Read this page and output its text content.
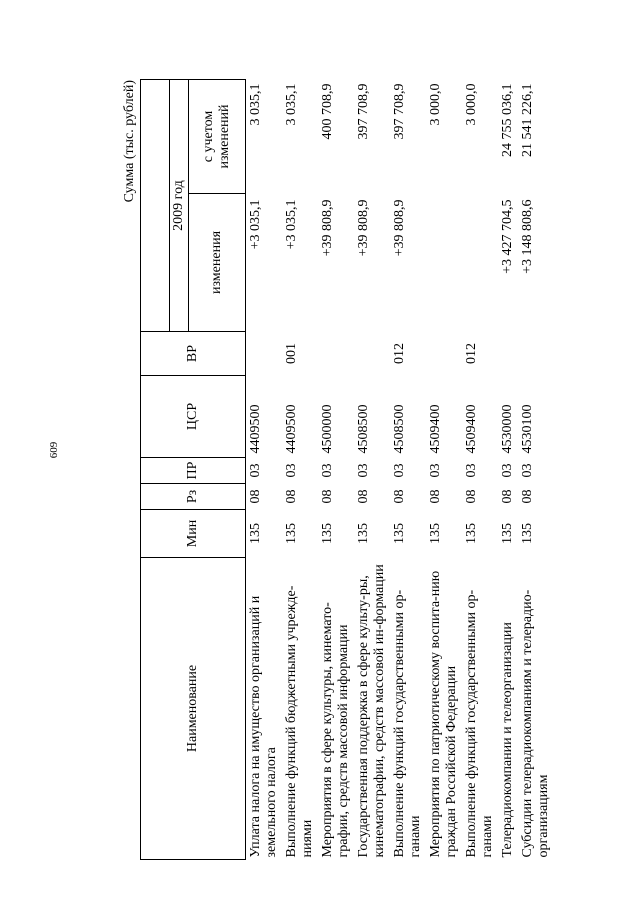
609
Сумма (тыс. рублей)
Наименование	Мин	Рз	ПР	ЦСР	ВР		
						2009 год	
						изменения	с учетом изменений
Уплата налога на имущество организаций и земельного налога	135	08	03	4409500		+3 035,1	3 035,1
Выполнение функций бюджетными учрежде-ниями	135	08	03	4409500	001	+3 035,1	3 035,1
Мероприятия в сфере культуры, кинемато-графии, средств массовой информации	135	08	03	4500000		+39 808,9	400 708,9
Государственная поддержка в сфере культу-ры, кинематографии, средств массовой ин-формации	135	08	03	4508500		+39 808,9	397 708,9
Выполнение функций государственными ор-ганами	135	08	03	4508500	012	+39 808,9	397 708,9
Мероприятия по патриотическому воспита-нию граждан Российской Федерации	135	08	03	4509400			3 000,0
Выполнение функций государственными ор-ганами	135	08	03	4509400	012		3 000,0
Телерадиокомпании и телеорганизации	135	08	03	4530000		+3 427 704,5	24 755 036,1
Субсидии телерадиокомпаниям и телерадио-организациям	135	08	03	4530100		+3 148 808,6	21 541 226,1
